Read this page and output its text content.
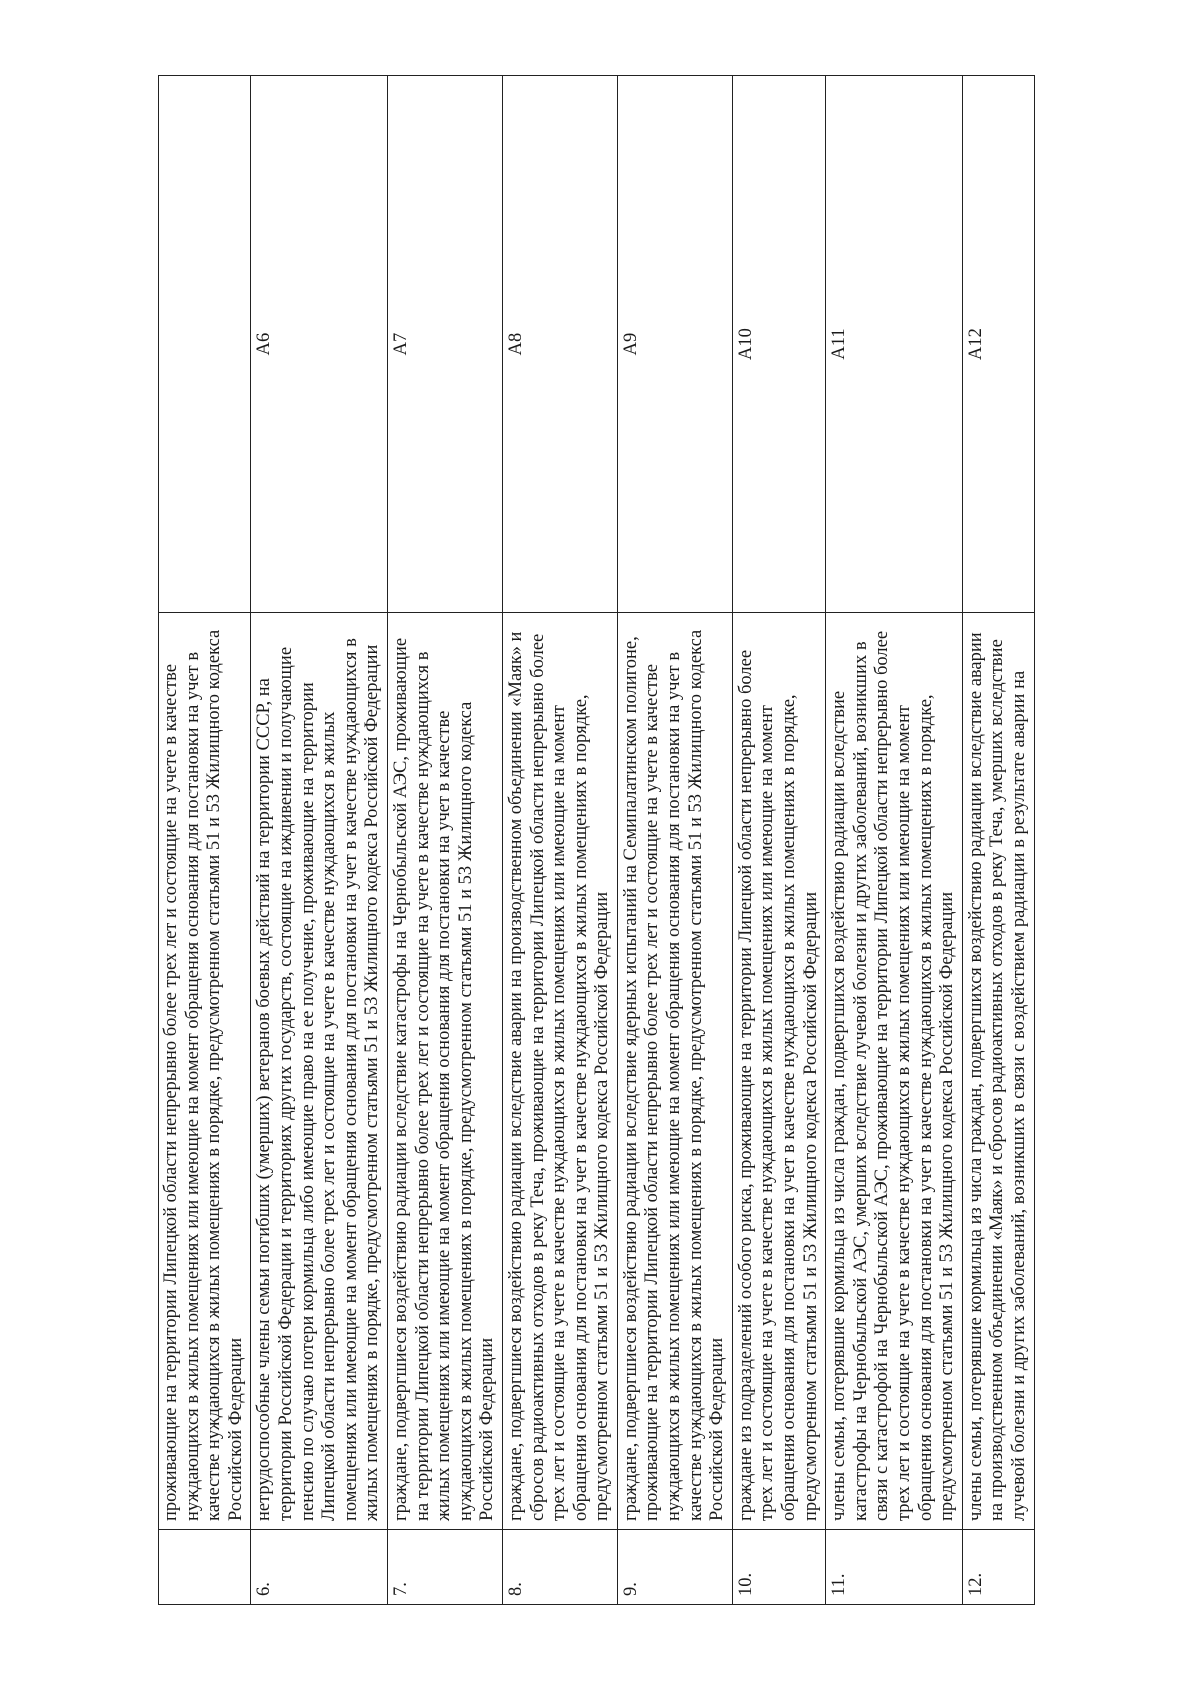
	проживающие на территории Липецкой области непрерывно более трех лет и состоящие на учете в качестве нуждающихся в жилых помещениях или имеющие на момент обращения основания для постановки на учет в качестве нуждающихся в жилых помещениях в порядке, предусмотренном статьями 51 и 53 Жилищного кодекса Российской Федерации	
6.	нетрудоспособные члены семьи погибших (умерших) ветеранов боевых действий на территории СССР, на территории Российской Федерации и территориях других государств, состоящие на иждивении и получающие пенсию по случаю потери кормильца либо имеющие право на ее получение, проживающие на территории Липецкой области непрерывно более трех лет и состоящие на учете в качестве нуждающихся в жилых помещениях или имеющие на момент обращения основания для постановки на учет в качестве нуждающихся в жилых помещениях в порядке, предусмотренном статьями 51 и 53 Жилищного кодекса Российской Федерации	А6
7.	граждане, подвергшиеся воздействию радиации вследствие катастрофы на Чернобыльской АЭС, проживающие на территории Липецкой области непрерывно более трех лет и состоящие на учете в качестве нуждающихся в жилых помещениях или имеющие на момент обращения основания для постановки на учет в качестве нуждающихся в жилых помещениях в порядке, предусмотренном статьями 51 и 53 Жилищного кодекса Российской Федерации	А7
8.	граждане, подвергшиеся воздействию радиации вследствие аварии на производственном объединении «Маяк» и сбросов радиоактивных отходов в реку Теча, проживающие на территории Липецкой области непрерывно более трех лет и состоящие на учете в качестве нуждающихся в жилых помещениях или имеющие на момент обращения основания для постановки на учет в качестве нуждающихся в жилых помещениях в порядке, предусмотренном статьями 51 и 53 Жилищного кодекса Российской Федерации	А8
9.	граждане, подвергшиеся воздействию радиации вследствие ядерных испытаний на Семипалатинском полигоне, проживающие на территории Липецкой области непрерывно более трех лет и состоящие на учете в качестве нуждающихся в жилых помещениях или имеющие на момент обращения основания для постановки на учет в качестве нуждающихся в жилых помещениях в порядке, предусмотренном статьями 51 и 53 Жилищного кодекса Российской Федерации	А9
10.	граждане из подразделений особого риска, проживающие на территории Липецкой области непрерывно более трех лет и состоящие на учете в качестве нуждающихся в жилых помещениях или имеющие на момент обращения основания для постановки на учет в качестве нуждающихся в жилых помещениях в порядке, предусмотренном статьями 51 и 53 Жилищного кодекса Российской Федерации	А10
11.	члены семьи, потерявшие кормильца из числа граждан, подвергшихся воздействию радиации вследствие катастрофы на Чернобыльской АЭС, умерших вследствие лучевой болезни и других заболеваний, возникших в связи с катастрофой на Чернобыльской АЭС, проживающие на территории Липецкой области непрерывно более трех лет и состоящие на учете в качестве нуждающихся в жилых помещениях или имеющие на момент обращения основания для постановки на учет в качестве нуждающихся в жилых помещениях в порядке, предусмотренном статьями 51 и 53 Жилищного кодекса Российской Федерации	А11
12.	члены семьи, потерявшие кормильца из числа граждан, подвергшихся воздействию радиации вследствие аварии на производственном объединении «Маяк» и сбросов радиоактивных отходов в реку Теча, умерших вследствие лучевой болезни и других заболеваний, возникших в связи с воздействием радиации в результате аварии на	А12
